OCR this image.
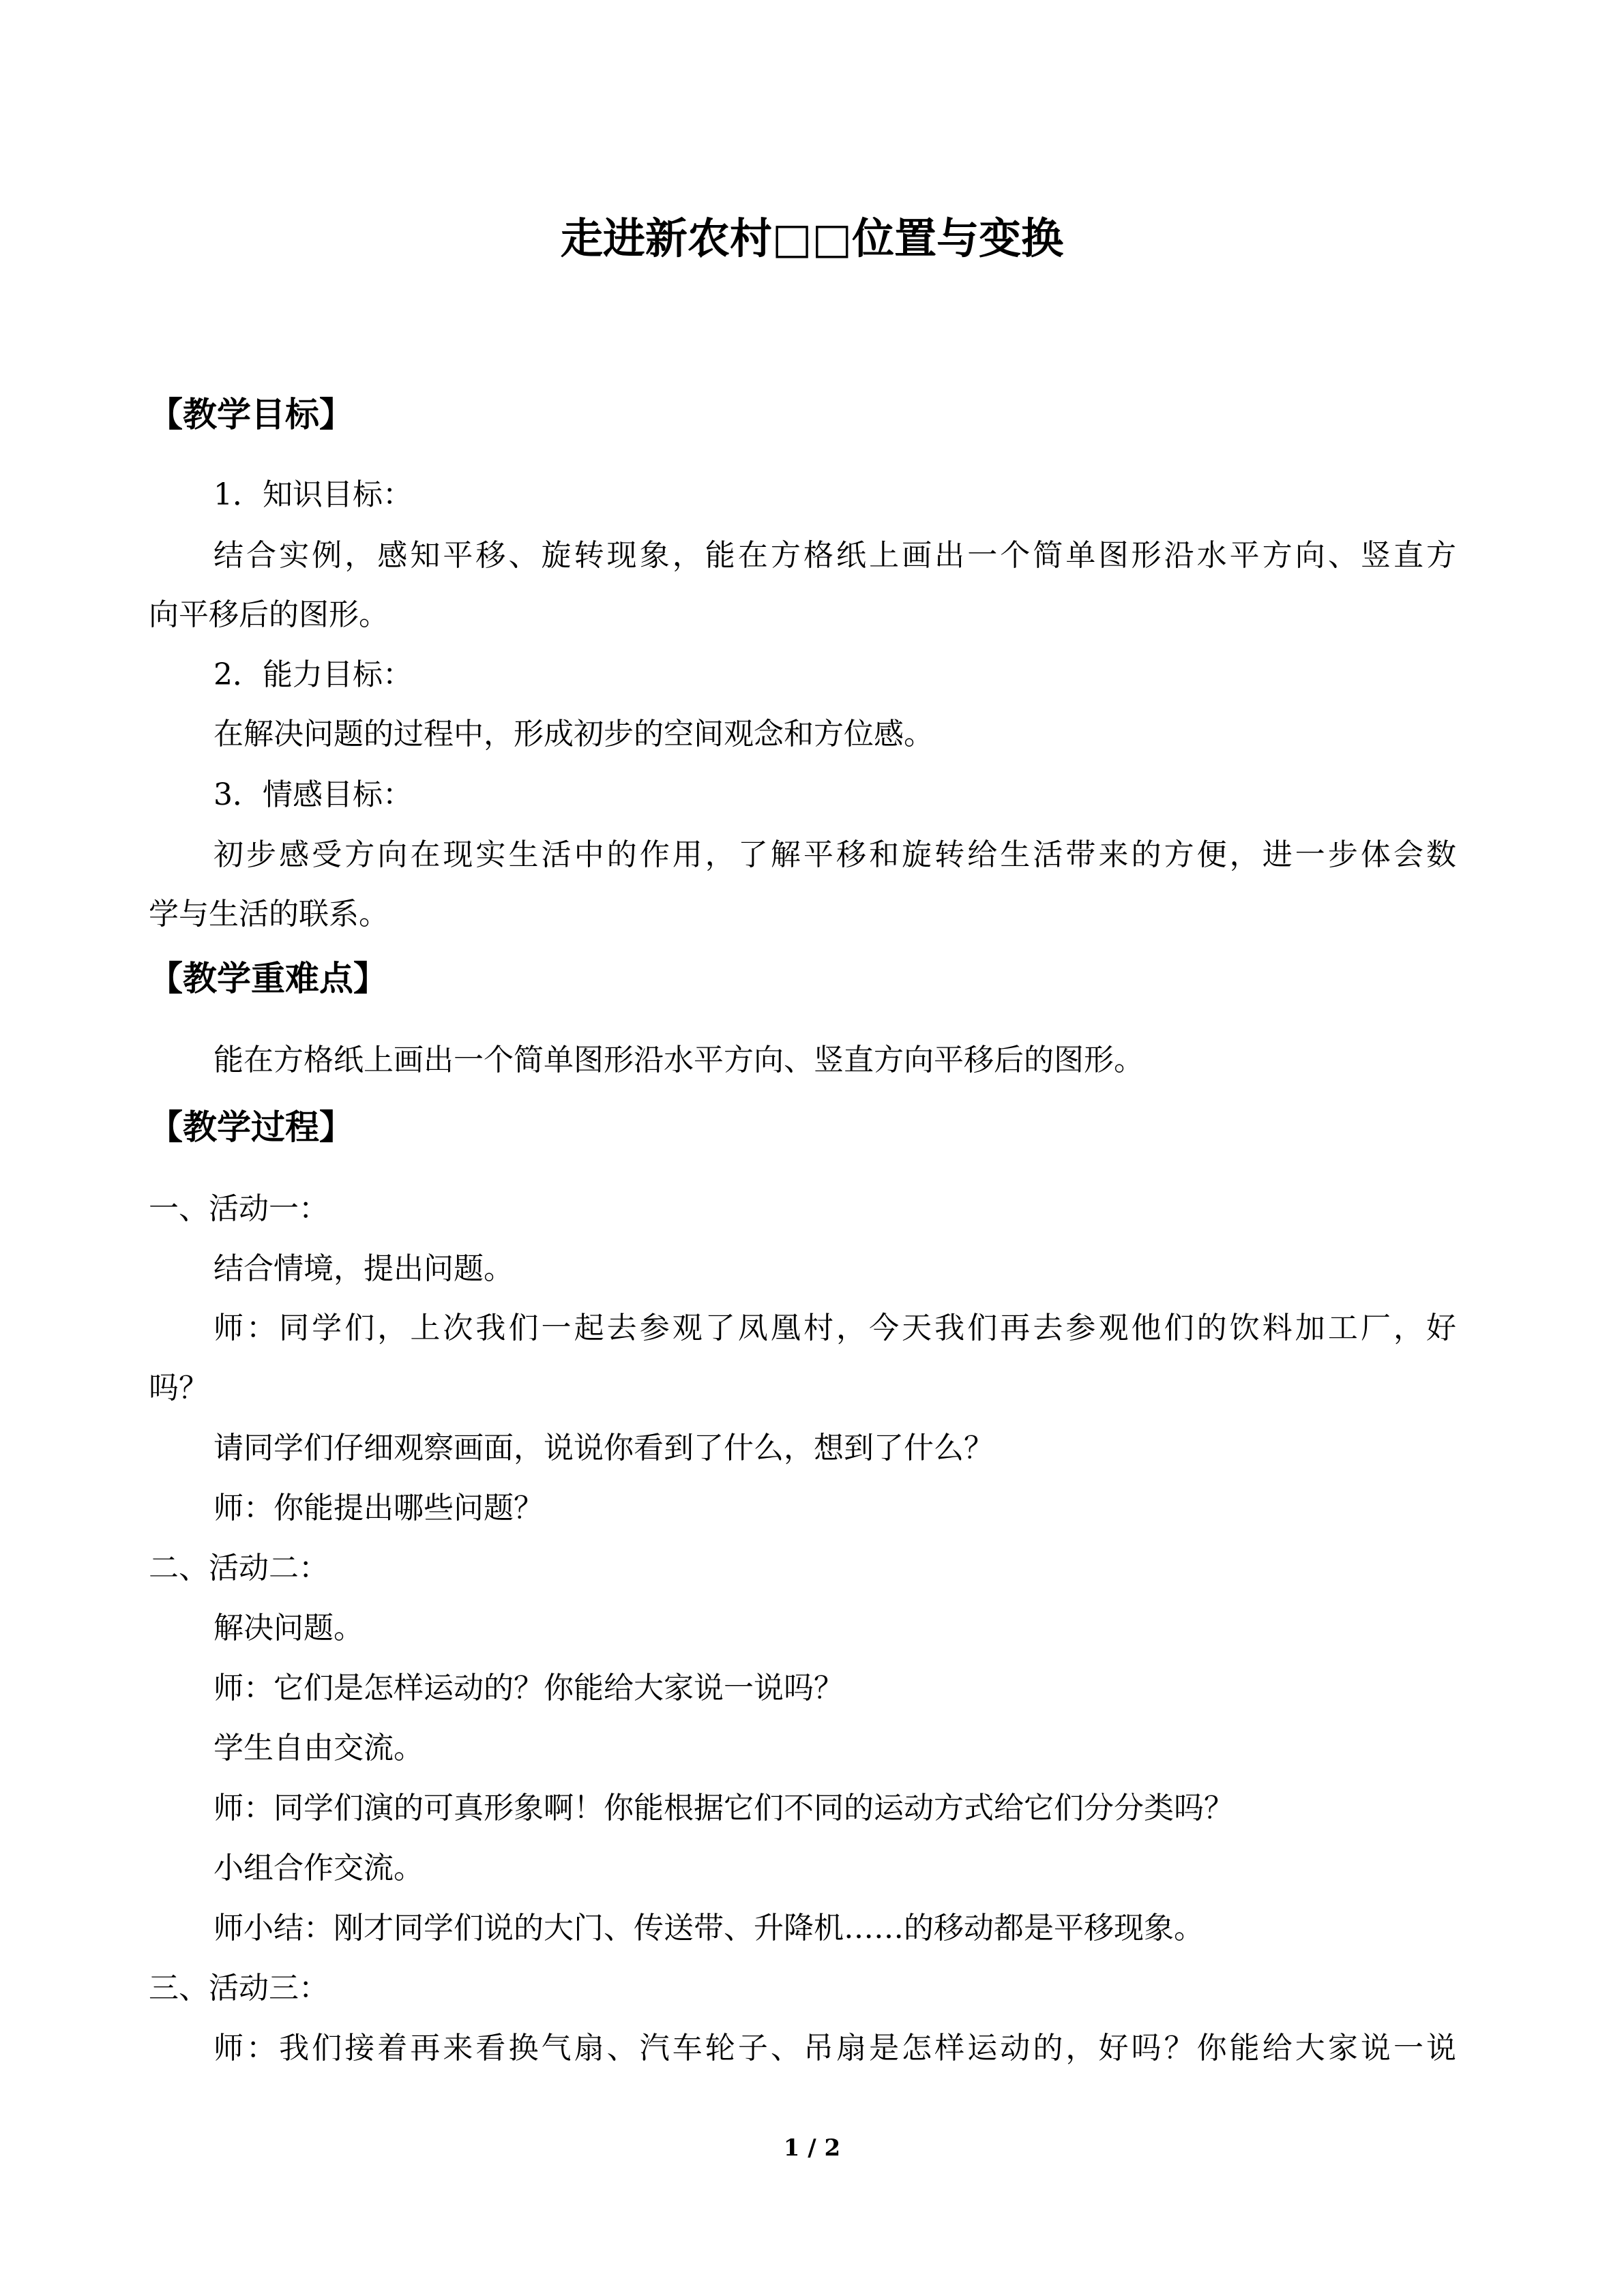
走进新农村□□位置与变换
【教学目标】
1．知识目标：
结合实例，感知平移、旋转现象，能在方格纸上画出一个简单图形沿水平方向、竖直方
向平移后的图形。
2．能力目标：
在解决问题的过程中，形成初步的空间观念和方位感。
3．情感目标：
初步感受方向在现实生活中的作用，了解平移和旋转给生活带来的方便，进一步体会数
学与生活的联系。
【教学重难点】
能在方格纸上画出一个简单图形沿水平方向、竖直方向平移后的图形。
【教学过程】
一、活动一：
结合情境，提出问题。
师：同学们，上次我们一起去参观了凤凰村，今天我们再去参观他们的饮料加工厂，好
吗？
请同学们仔细观察画面，说说你看到了什么，想到了什么？
师：你能提出哪些问题？
二、活动二：
解决问题。
师：它们是怎样运动的？你能给大家说一说吗？
学生自由交流。
师：同学们演的可真形象啊！你能根据它们不同的运动方式给它们分分类吗？
小组合作交流。
师小结：刚才同学们说的大门、传送带、升降机……的移动都是平移现象。
三、活动三：
师：我们接着再来看换气扇、汽车轮子、吊扇是怎样运动的，好吗？你能给大家说一说
1 / 2
